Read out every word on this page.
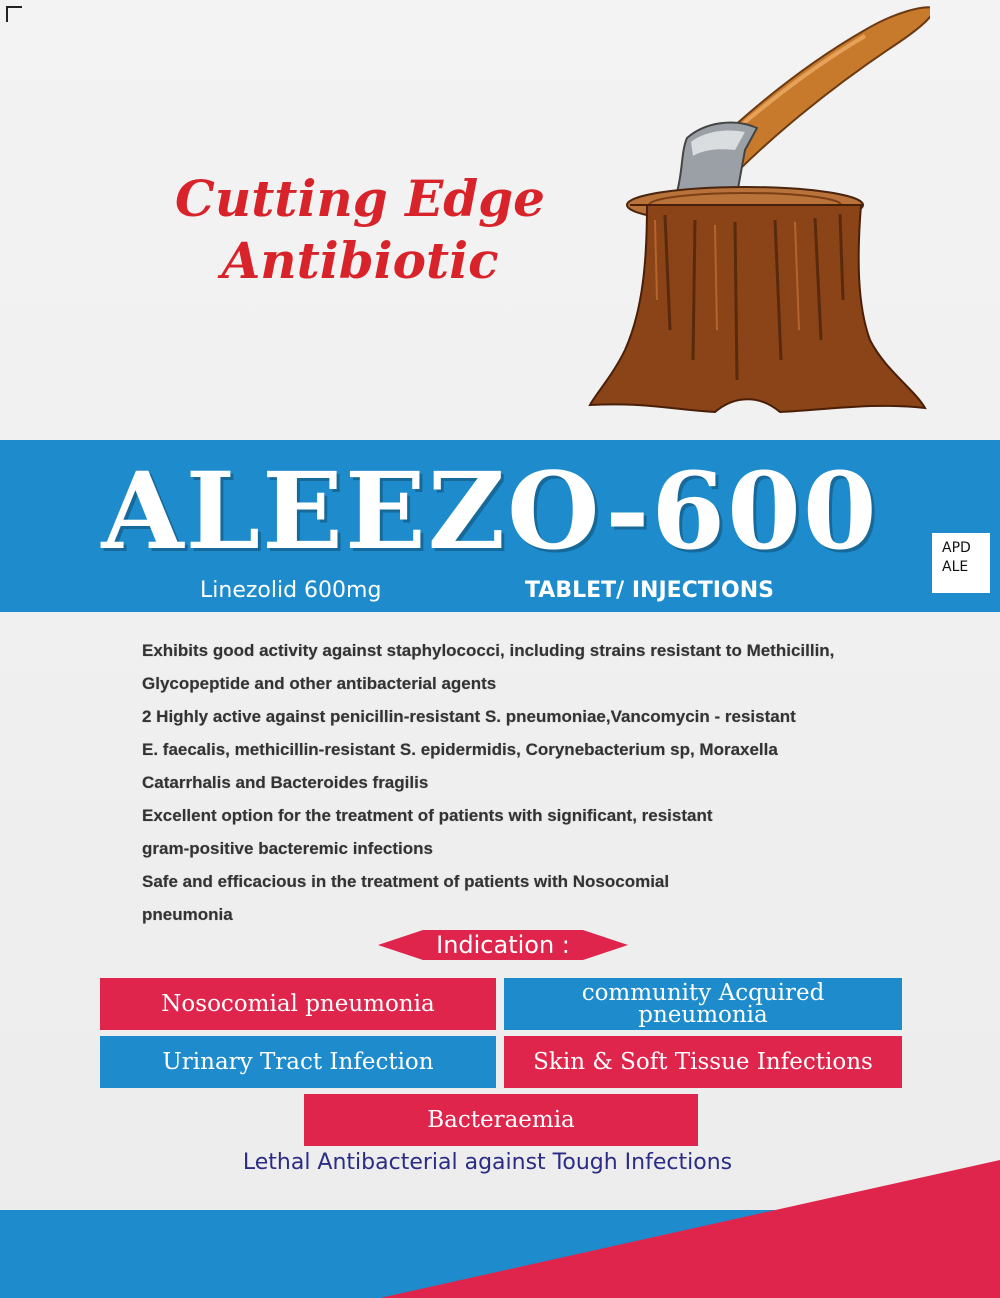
Cutting Edge
Antibiotic
ALEEZO-600
Linezolid 600mg	TABLET/ INJECTIONS
APD
ALE
Exhibits good activity against staphylococci, including strains resistant to Methicillin,
Glycopeptide and other antibacterial agents
2 Highly active against penicillin-resistant S. pneumoniae,Vancomycin - resistant
E. faecalis, methicillin-resistant S. epidermidis, Corynebacterium sp, Moraxella
Catarrhalis and Bacteroides fragilis
Excellent option for the treatment of patients with significant, resistant
gram-positive bacteremic infections
Safe and efficacious in the treatment of patients with Nosocomial
pneumonia
Indication :
Nosocomial pneumonia	community Acquired pneumonia
Urinary Tract Infection	Skin & Soft Tissue Infections
Bacteraemia
Lethal Antibacterial against Tough Infections
